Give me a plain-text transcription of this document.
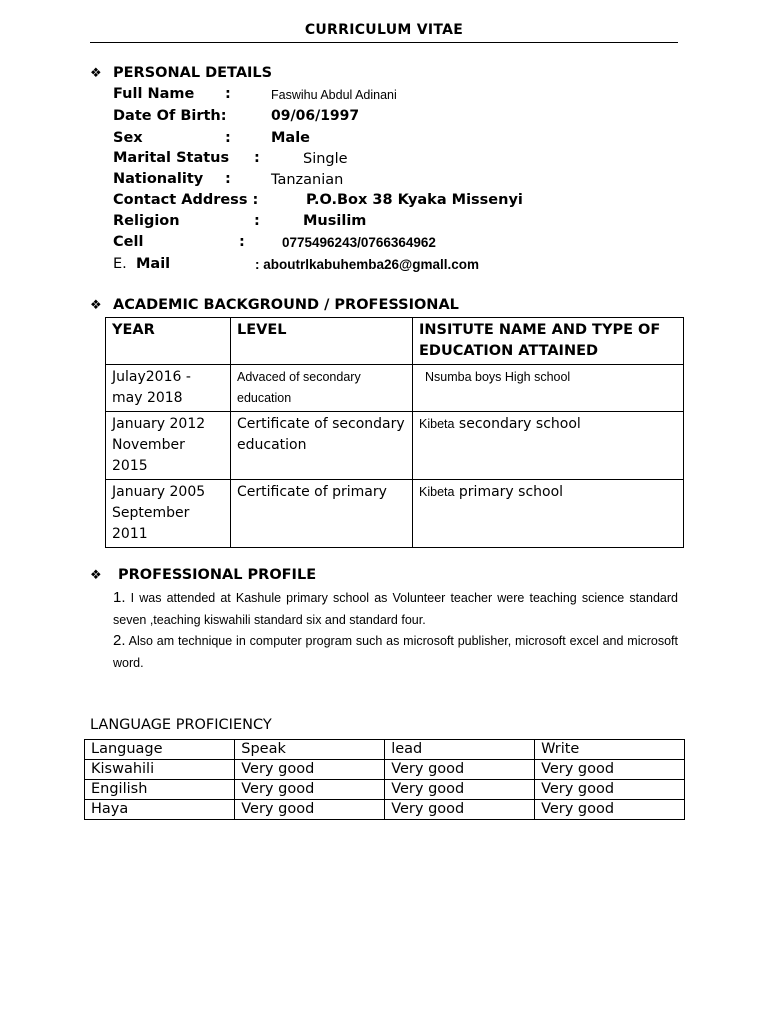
CURRICULUM VITAE
❖ PERSONAL DETAILS
Full Name :	Faswihu Abdul Adinani
Date Of Birth:	09/06/1997
Sex	:	Male
Marital Status :	Single
Nationality :	Tanzanian
Contact Address :	P.O.Box 38 Kyaka Missenyi
Religion	:	Musilim
Cell	:	0775496243/0766364962
E. Mail	: aboutrlkabuhemba26@gmall.com
❖ ACADEMIC BACKGROUND / PROFESSIONAL
YEAR	LEVEL	INSITUTE NAME AND TYPE OF EDUCATION ATTAINED
Julay2016 - may 2018	Advaced of secondary education	Nsumba boys High school
January 2012 November 2015	Certificate of secondary education	Kibeta secondary school
January 2005 September 2011	Certificate of primary	Kibeta primary school
❖ PROFESSIONAL PROFILE
1. I was attended at Kashule primary school as Volunteer teacher were teaching science standard seven ,teaching kiswahili standard six and standard four.
2. Also am technique in computer program such as microsoft publisher, microsoft excel and microsoft word.
LANGUAGE PROFICIENCY
Language	Speak	lead	Write
Kiswahili	Very good	Very good	Very good
Engilish	Very good	Very good	Very good
Haya	Very good	Very good	Very good
